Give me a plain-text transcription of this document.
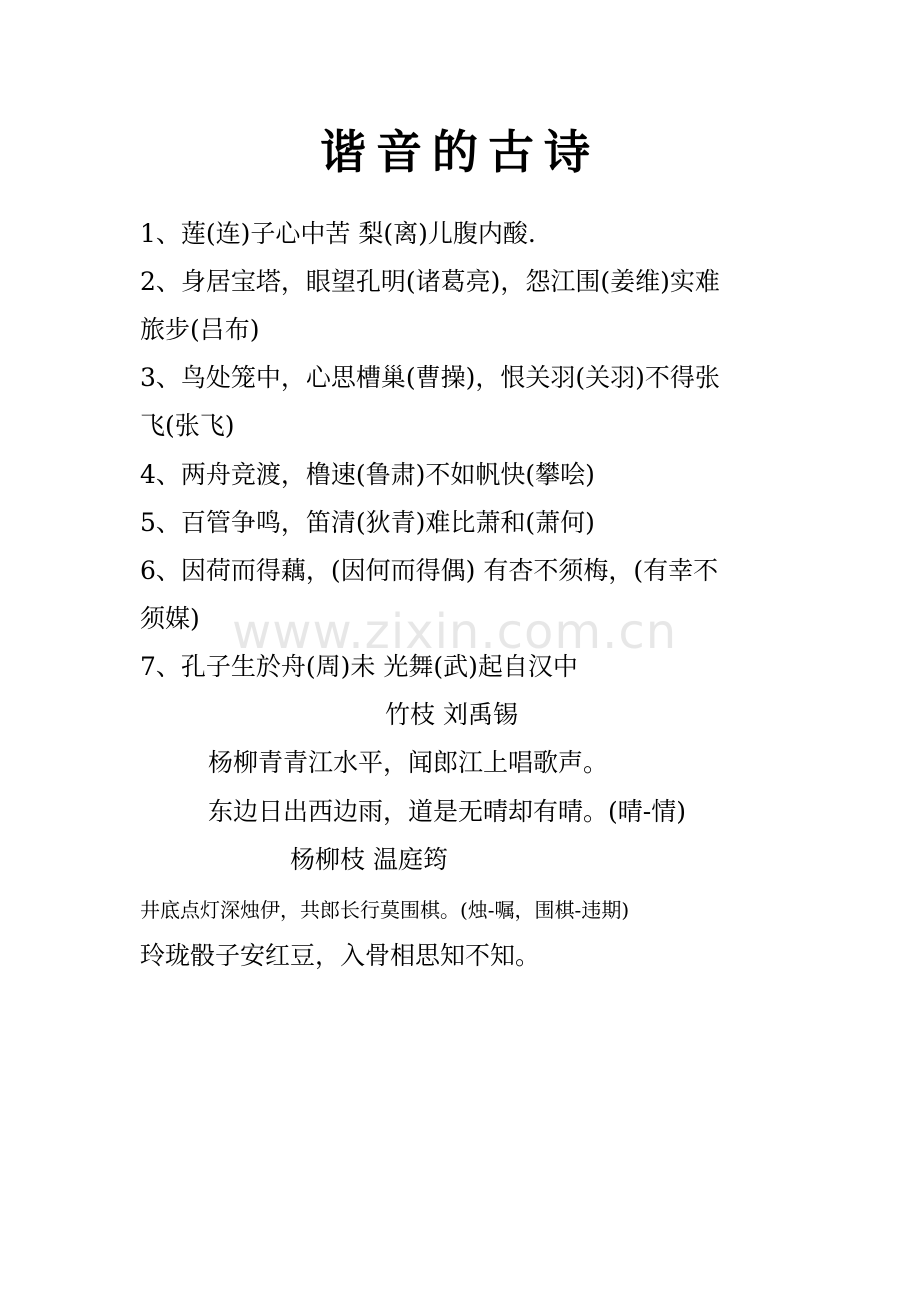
谐音的古诗
1、莲(连)子心中苦 梨(离)儿腹内酸.
2、身居宝塔，眼望孔明(诸葛亮)，怨江围(姜维)实难
旅步(吕布)
3、鸟处笼中，心思槽巢(曹操)，恨关羽(关羽)不得张
飞(张飞)
4、两舟竞渡，橹速(鲁肃)不如帆快(攀哙)
5、百管争鸣，笛清(狄青)难比萧和(萧何)
6、因荷而得藕，(因何而得偶) 有杏不须梅，(有幸不
须媒)
7、孔子生於舟(周)未 光舞(武)起自汉中
竹枝 刘禹锡
杨柳青青江水平，闻郎江上唱歌声。
东边日出西边雨，道是无晴却有晴。(晴-情)
杨柳枝 温庭筠
井底点灯深烛伊，共郎长行莫围棋。(烛-嘱，围棋-违期)
玲珑骰子安红豆，入骨相思知不知。
www.zixin.com.cn
